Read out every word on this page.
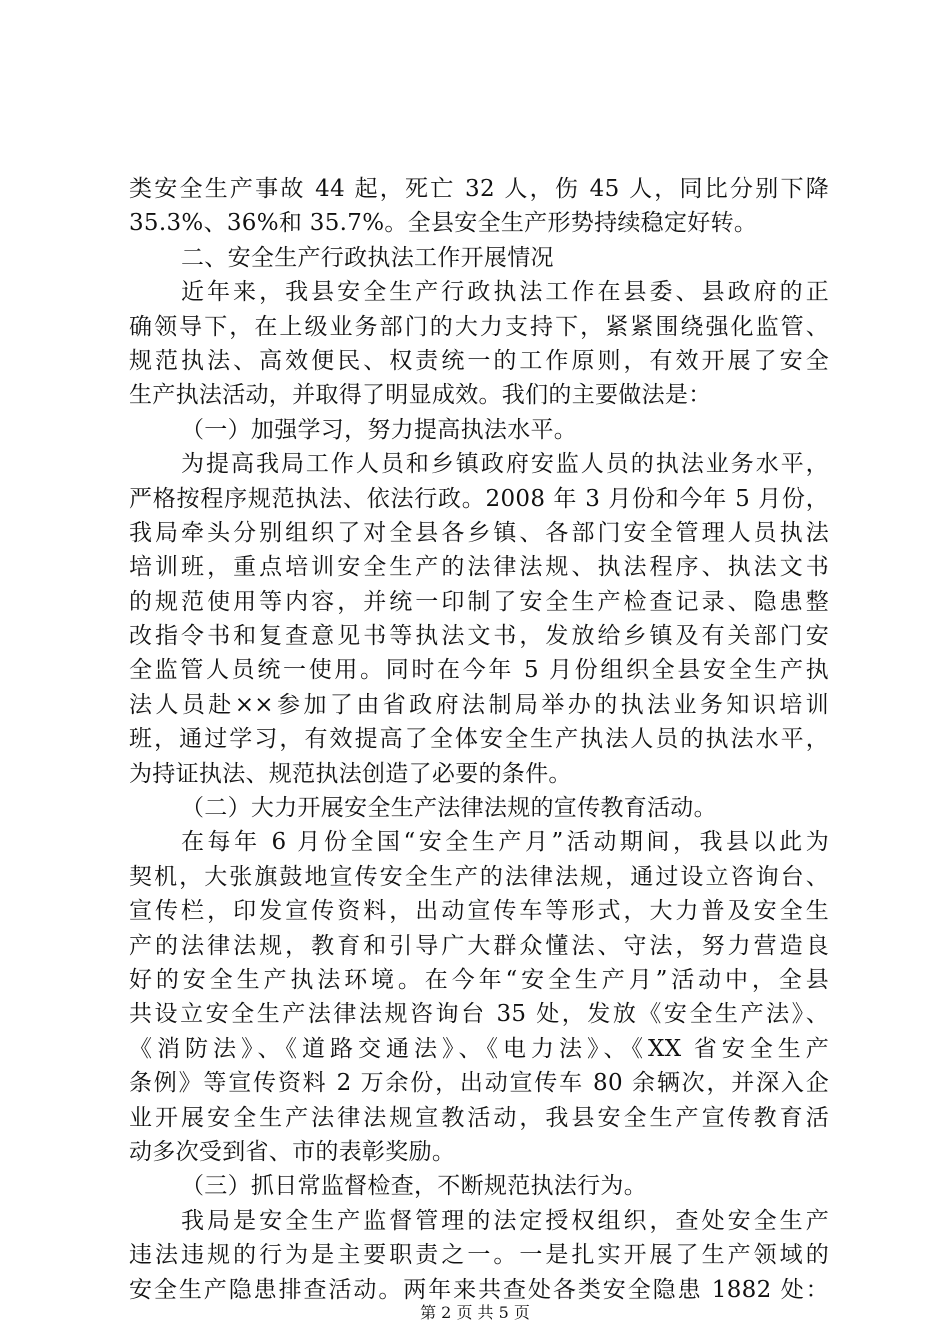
类安全生产事故 44 起，死亡 32 人，伤 45 人，同比分别下降
35.3%、36%和 35.7%。全县安全生产形势持续稳定好转。
二、安全生产行政执法工作开展情况
近年来，我县安全生产行政执法工作在县委、县政府的正
确领导下，在上级业务部门的大力支持下，紧紧围绕强化监管、
规范执法、高效便民、权责统一的工作原则，有效开展了安全
生产执法活动，并取得了明显成效。我们的主要做法是：
（一）加强学习，努力提高执法水平。
为提高我局工作人员和乡镇政府安监人员的执法业务水平，
严格按程序规范执法、依法行政。2008 年 3 月份和今年 5 月份，
我局牵头分别组织了对全县各乡镇、各部门安全管理人员执法
培训班，重点培训安全生产的法律法规、执法程序、执法文书
的规范使用等内容，并统一印制了安全生产检查记录、隐患整
改指令书和复查意见书等执法文书，发放给乡镇及有关部门安
全监管人员统一使用。同时在今年 5 月份组织全县安全生产执
法人员赴××参加了由省政府法制局举办的执法业务知识培训
班，通过学习，有效提高了全体安全生产执法人员的执法水平，
为持证执法、规范执法创造了必要的条件。
（二）大力开展安全生产法律法规的宣传教育活动。
在每年 6 月份全国“安全生产月”活动期间，我县以此为
契机，大张旗鼓地宣传安全生产的法律法规，通过设立咨询台、
宣传栏，印发宣传资料，出动宣传车等形式，大力普及安全生
产的法律法规，教育和引导广大群众懂法、守法，努力营造良
好的安全生产执法环境。在今年“安全生产月”活动中，全县
共设立安全生产法律法规咨询台 35 处，发放《安全生产法》、
《消防法》、《道路交通法》、《电力法》、《XX 省安全生产
条例》等宣传资料 2 万余份，出动宣传车 80 余辆次，并深入企
业开展安全生产法律法规宣教活动，我县安全生产宣传教育活
动多次受到省、市的表彰奖励。
（三）抓日常监督检查，不断规范执法行为。
我局是安全生产监督管理的法定授权组织，查处安全生产
违法违规的行为是主要职责之一。一是扎实开展了生产领域的
安全生产隐患排查活动。两年来共查处各类安全隐患 1882 处：
第 2 页 共 5 页
